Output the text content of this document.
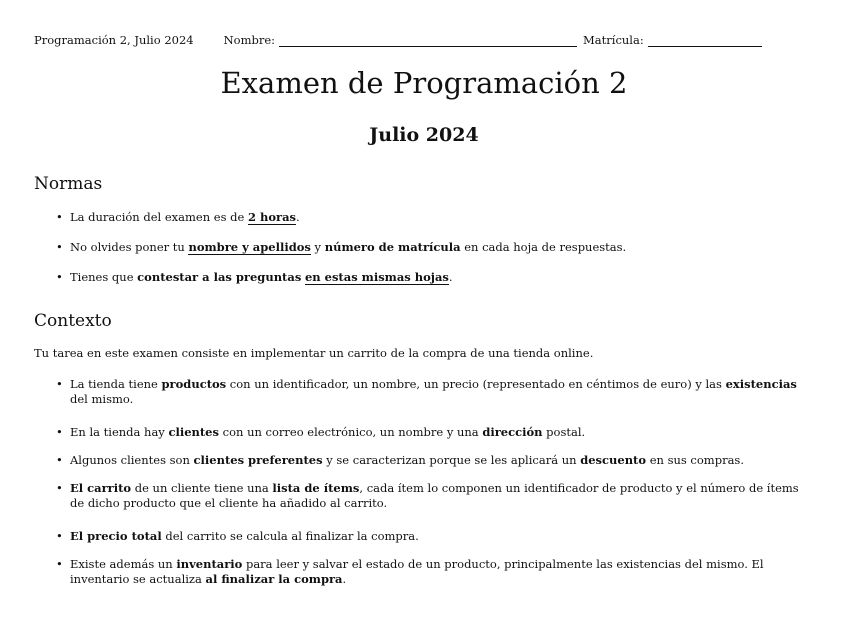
Programación 2, Julio 2024	Nombre:	Matrícula:
Examen de Programación 2
Julio 2024
Normas
• La duración del examen es de 2 horas.
• No olvides poner tu nombre y apellidos y número de matrícula en cada hoja de respuestas.
• Tienes que contestar a las preguntas en estas mismas hojas.
Contexto

Tu tarea en este examen consiste en implementar un carrito de la compra de una tienda online.

• La tienda tiene productos con un identificador, un nombre, un precio (representado en céntimos de euro) y las existencias del mismo.
• En la tienda hay clientes con un correo electrónico, un nombre y una dirección postal.
• Algunos clientes son clientes preferentes y se caracterizan porque se les aplicará un descuento en sus compras.
• El carrito de un cliente tiene una lista de ítems, cada ítem lo componen un identificador de producto y el número de ítems de dicho producto que el cliente ha añadido al carrito.
• El precio total del carrito se calcula al finalizar la compra.
• Existe además un inventario para leer y salvar el estado de un producto, principalmente las existencias del mismo. El inventario se actualiza al finalizar la compra.
